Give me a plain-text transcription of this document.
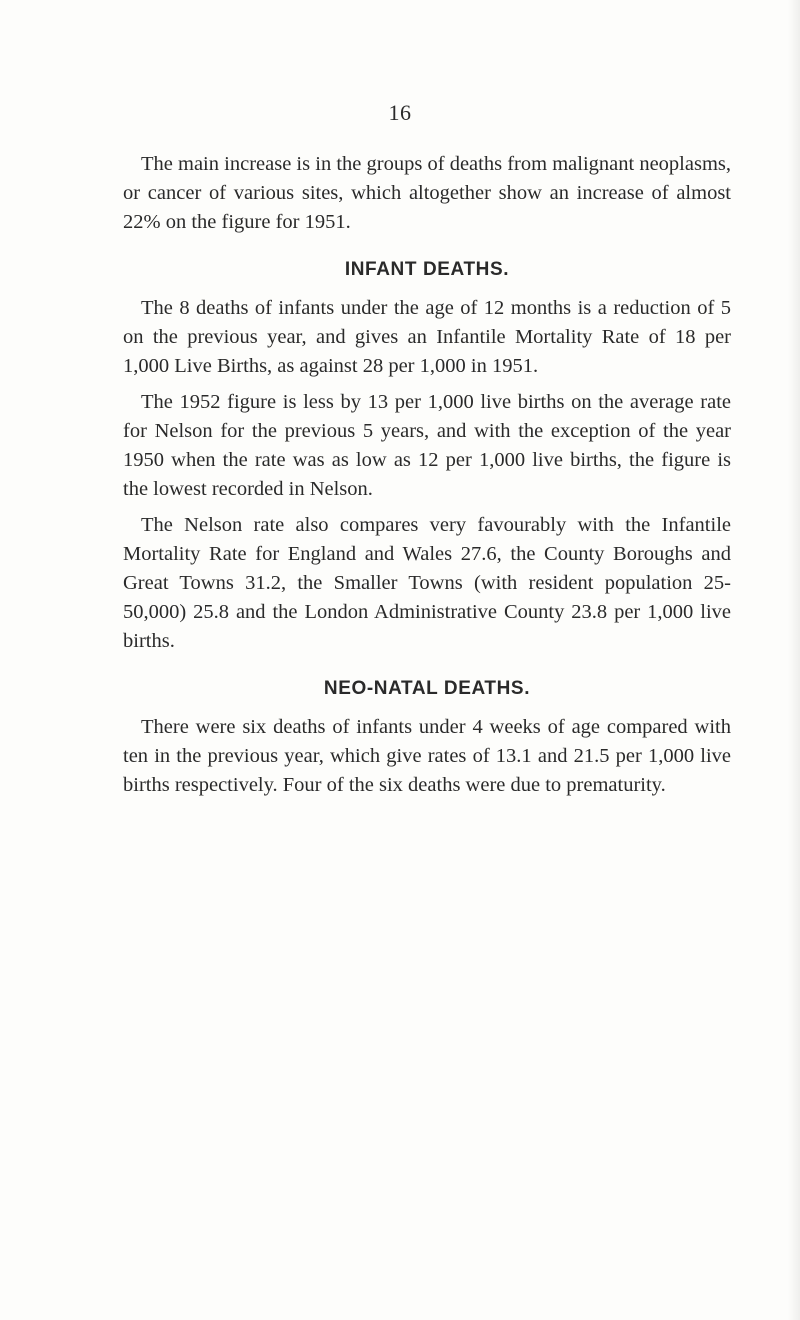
16

The main increase is in the groups of deaths from malignant neoplasms, or cancer of various sites, which altogether show an increase of almost 22% on the figure for 1951.

INFANT DEATHS.

The 8 deaths of infants under the age of 12 months is a reduction of 5 on the previous year, and gives an Infantile Mortality Rate of 18 per 1,000 Live Births, as against 28 per 1,000 in 1951.

The 1952 figure is less by 13 per 1,000 live births on the average rate for Nelson for the previous 5 years, and with the exception of the year 1950 when the rate was as low as 12 per 1,000 live births, the figure is the lowest recorded in Nelson.

The Nelson rate also compares very favourably with the Infantile Mortality Rate for England and Wales 27.6, the County Boroughs and Great Towns 31.2, the Smaller Towns (with resident population 25-50,000) 25.8 and the London Administrative County 23.8 per 1,000 live births.

NEO-NATAL DEATHS.

There were six deaths of infants under 4 weeks of age compared with ten in the previous year, which give rates of 13.1 and 21.5 per 1,000 live births respectively. Four of the six deaths were due to prematurity.
